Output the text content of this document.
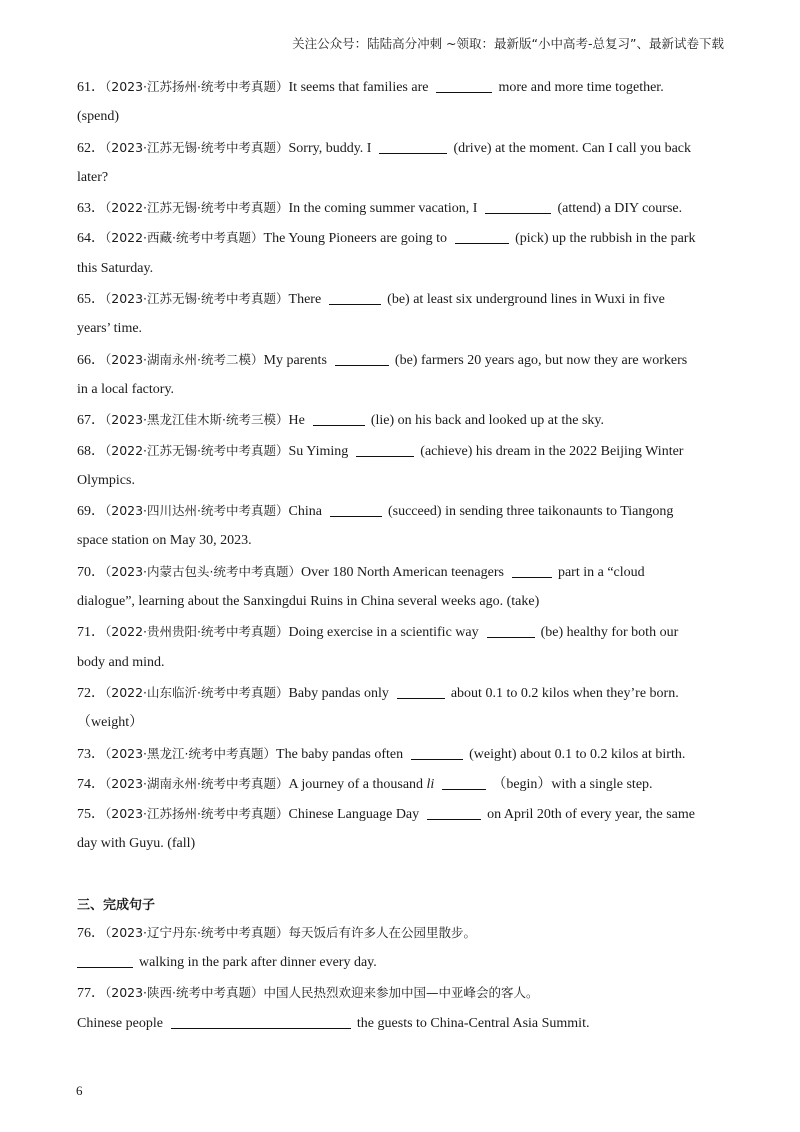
关注公众号：陆陆高分冲刺 ~领取：最新版“小中高考-总复习”、最新试卷下载
61．（2023·江苏扬州·统考中考真题）It seems that families are	more and more time together.
(spend)
62．（2023·江苏无锡·统考中考真题）Sorry, buddy. I	(drive) at the moment. Can I call you back
later?
63．（2022·江苏无锡·统考中考真题）In the coming summer vacation, I	(attend) a DIY course.
64．（2022·西藏·统考中考真题）The Young Pioneers are going to	(pick) up the rubbish in the park
this Saturday.
65．（2023·江苏无锡·统考中考真题）There	(be) at least six underground lines in Wuxi in five
years’ time.
66．（2023·湖南永州·统考二模）My parents	(be) farmers 20 years ago, but now they are workers
in a local factory.
67．（2023·黑龙江佳木斯·统考三模）He	(lie) on his back and looked up at the sky.
68．（2022·江苏无锡·统考中考真题）Su Yiming	(achieve) his dream in the 2022 Beijing Winter
Olympics.
69．（2023·四川达州·统考中考真题）China	(succeed) in sending three taikonaunts to Tiangong
space station on May 30, 2023.
70．（2023·内蒙古包头·统考中考真题）Over 180 North American teenagers	part in a “cloud
dialogue”, learning about the Sanxingdui Ruins in China several weeks ago. (take)
71．（2022·贵州贵阳·统考中考真题）Doing exercise in a scientific way	(be) healthy for both our
body and mind.
72．（2022·山东临沂·统考中考真题）Baby pandas only	about 0.1 to 0.2 kilos when they’re born.
（weight）
73．（2023·黑龙江·统考中考真题）The baby pandas often	(weight) about 0.1 to 0.2 kilos at birth.
74．（2023·湖南永州·统考中考真题）A journey of a thousand li	（begin）with a single step.
75．（2023·江苏扬州·统考中考真题）Chinese Language Day	on April 20th of every year, the same
day with Guyu. (fall)
三、完成句子
76．（2023·辽宁丹东·统考中考真题）每天饭后有许多人在公园里散步。
walking in the park after dinner every day.
77．（2023·陕西·统考中考真题）中国人民热烈欢迎来参加中国—中亚峰会的客人。
Chinese people	the guests to China-Central Asia Summit.
6
